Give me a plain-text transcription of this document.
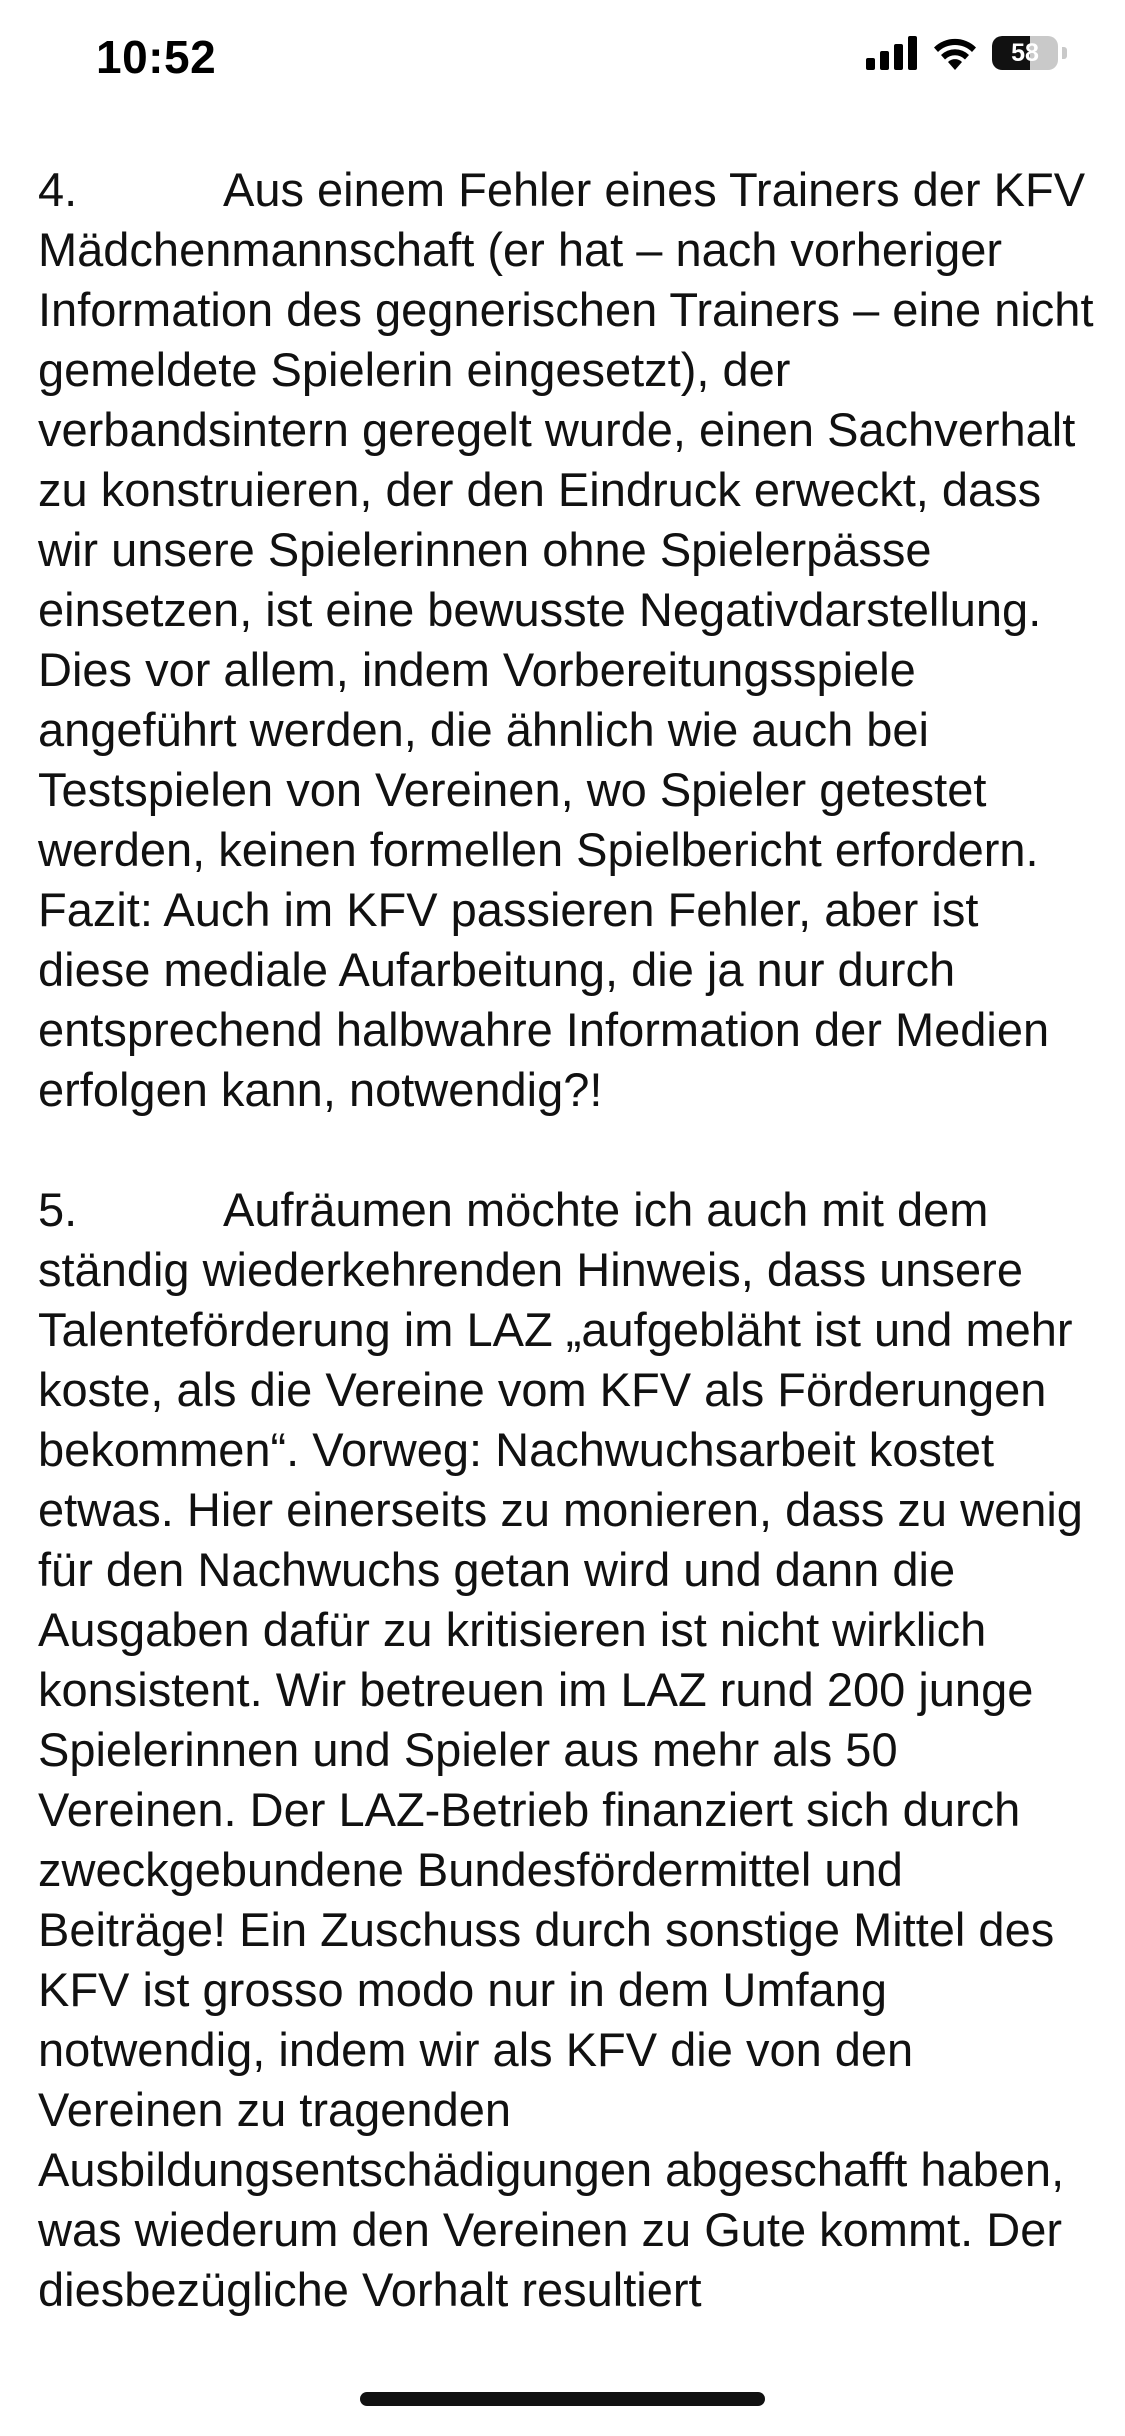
10:52	58

4.	Aus einem Fehler eines Trainers der KFV Mädchenmannschaft (er hat – nach vorheriger Information des gegnerischen Trainers – eine nicht gemeldete Spielerin eingesetzt), der verbandsintern geregelt wurde, einen Sachverhalt zu konstruieren, der den Eindruck erweckt, dass wir unsere Spielerinnen ohne Spielerpässe einsetzen, ist eine bewusste Negativdarstellung. Dies vor allem, indem Vorbereitungsspiele angeführt werden, die ähnlich wie auch bei Testspielen von Vereinen, wo Spieler getestet werden, keinen formellen Spielbericht erfordern. Fazit: Auch im KFV passieren Fehler, aber ist diese mediale Aufarbeitung, die ja nur durch entsprechend halbwahre Information der Medien erfolgen kann, notwendig?!

5.	Aufräumen möchte ich auch mit dem ständig wiederkehrenden Hinweis, dass unsere Talenteförderung im LAZ „aufgebläht ist und mehr koste, als die Vereine vom KFV als Förderungen bekommen“. Vorweg: Nachwuchsarbeit kostet etwas. Hier einerseits zu monieren, dass zu wenig für den Nachwuchs getan wird und dann die Ausgaben dafür zu kritisieren ist nicht wirklich konsistent. Wir betreuen im LAZ rund 200 junge Spielerinnen und Spieler aus mehr als 50 Vereinen. Der LAZ-Betrieb finanziert sich durch zweckgebundene Bundesfördermittel und Beiträge! Ein Zuschuss durch sonstige Mittel des KFV ist grosso modo nur in dem Umfang notwendig, indem wir als KFV die von den Vereinen zu tragenden Ausbildungsentschädigungen abgeschafft haben, was wiederum den Vereinen zu Gute kommt. Der diesbezügliche Vorhalt resultiert
